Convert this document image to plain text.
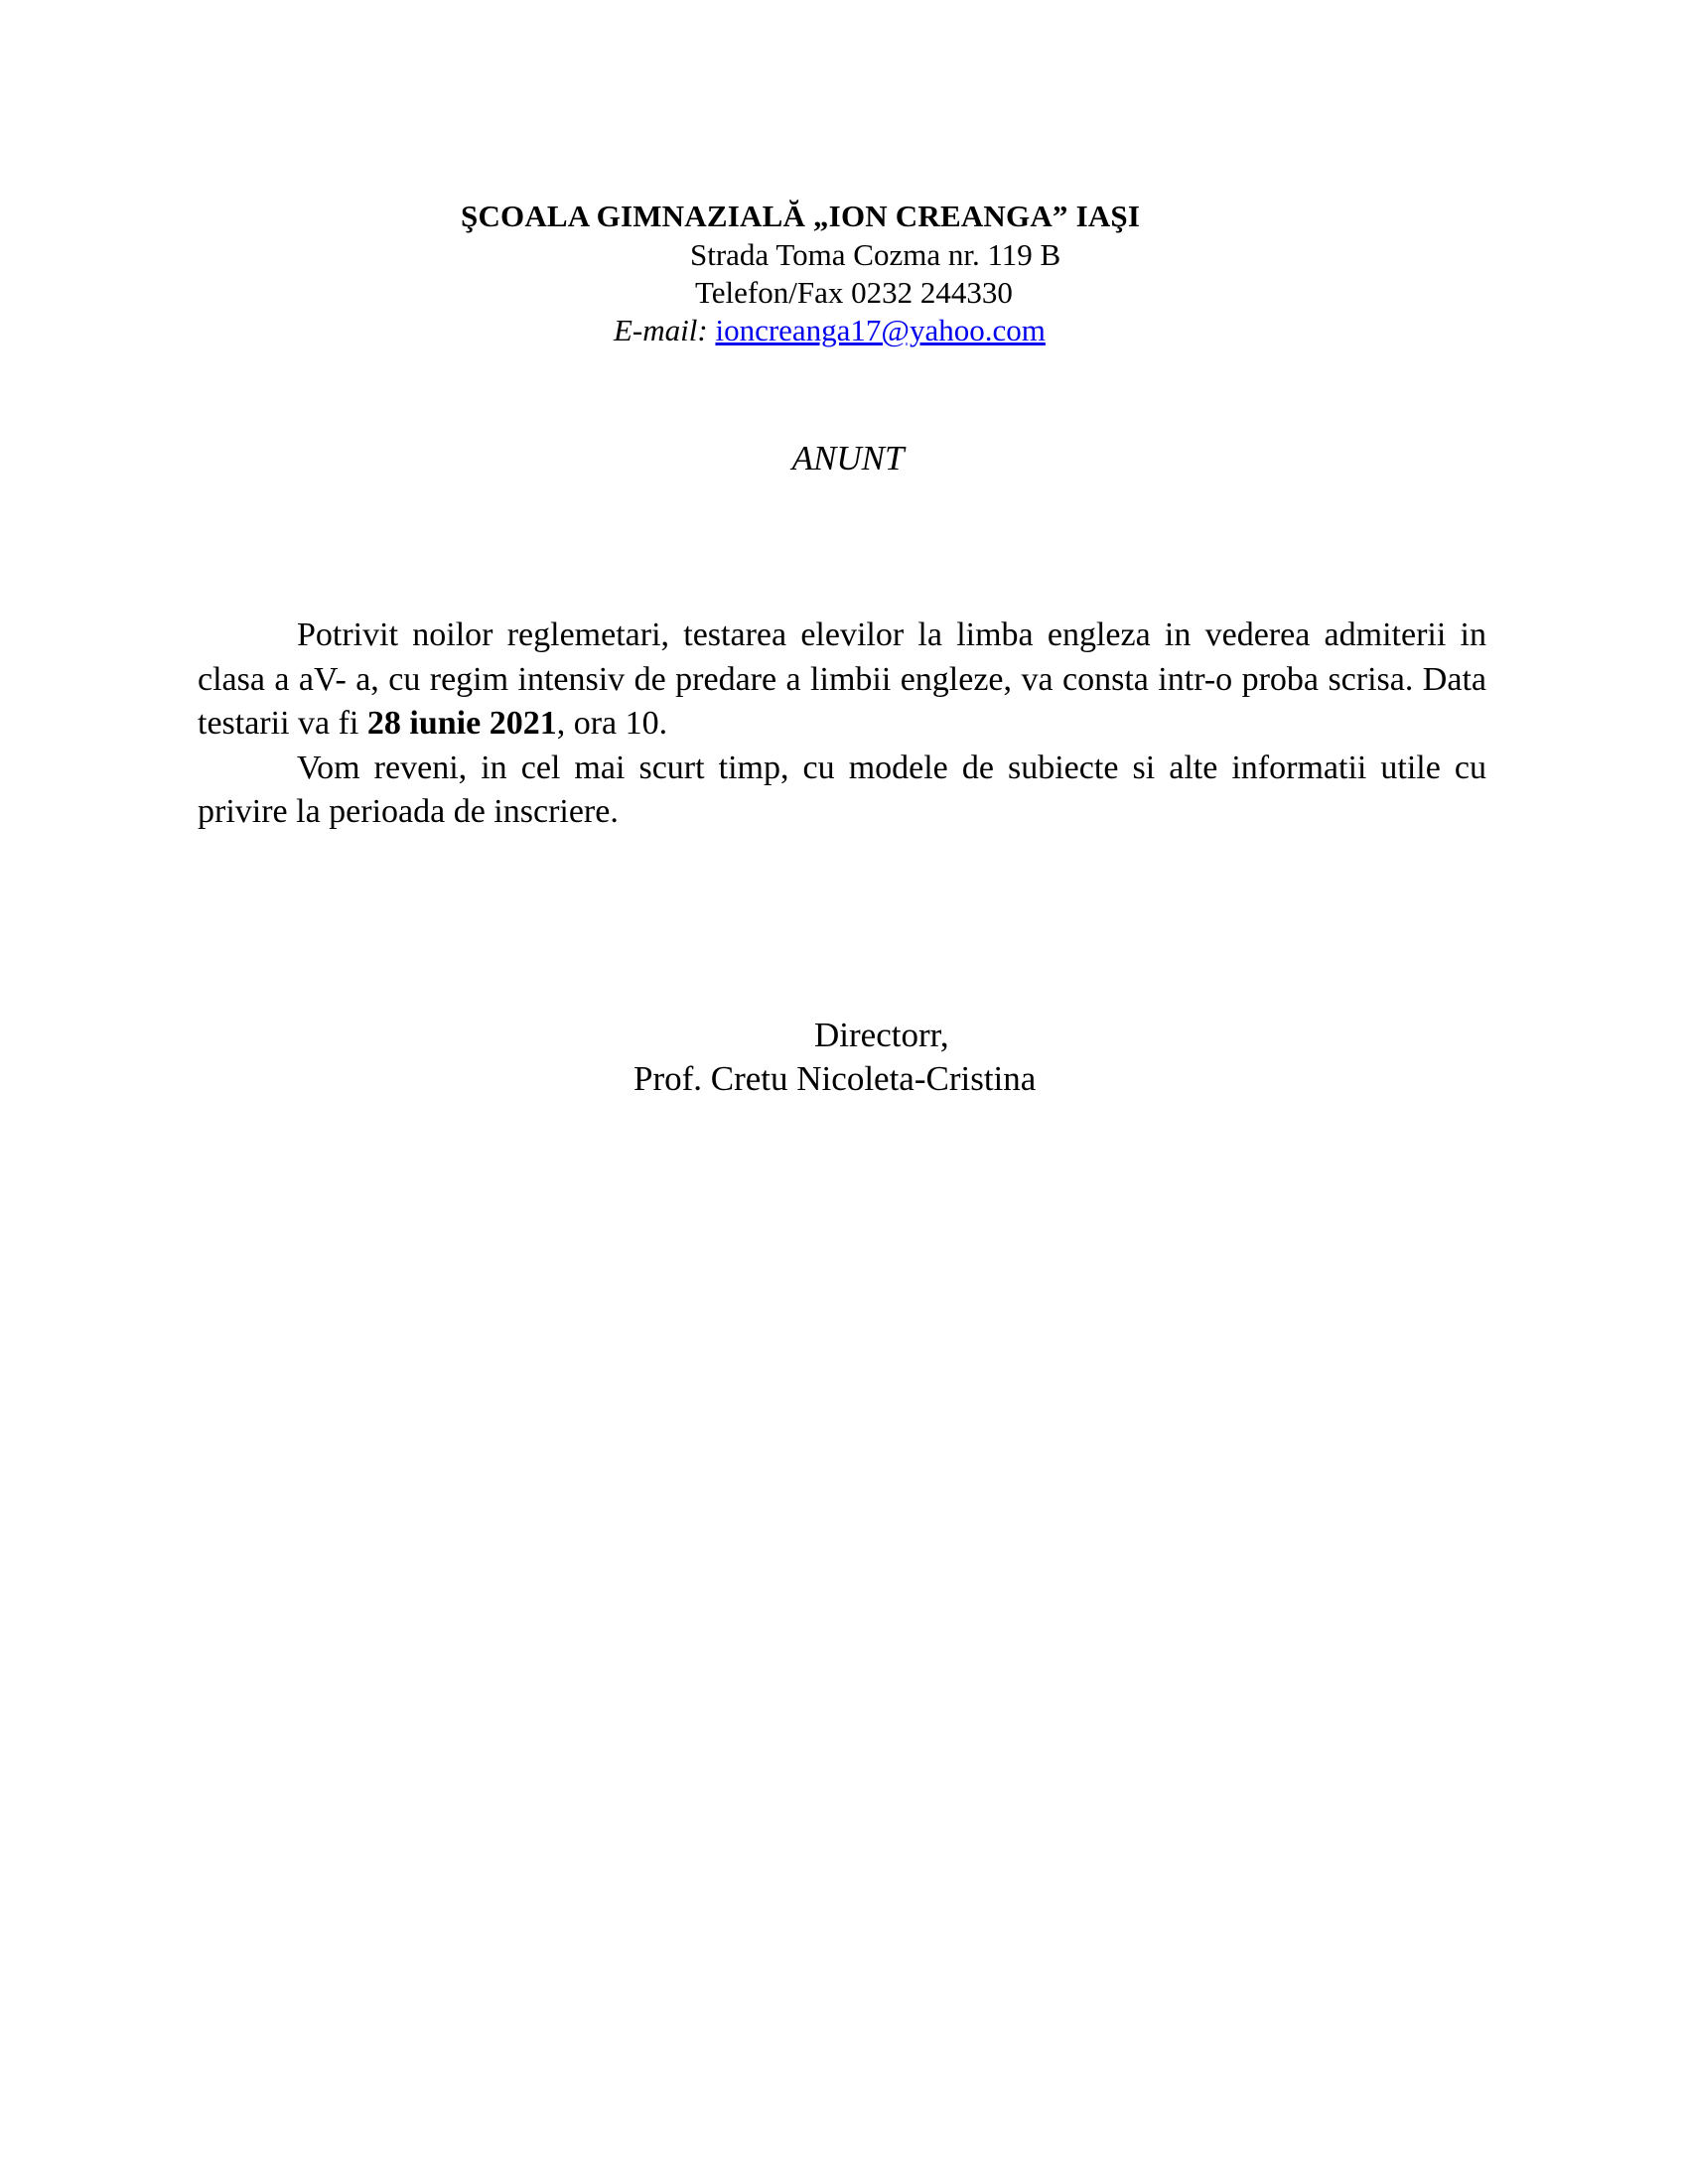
ŞCOALA GIMNAZIALĂ „ION CREANGA” IAŞI
Strada Toma Cozma nr. 119 B
Telefon/Fax 0232 244330
E-mail: ioncreanga17@yahoo.com
ANUNT

Potrivit noilor reglemetari, testarea elevilor la limba engleza in vederea admiterii in clasa a aV- a, cu regim intensiv de predare a limbii engleze, va consta intr-o proba scrisa. Data testarii va fi 28 iunie 2021, ora 10.

Vom reveni, in cel mai scurt timp, cu modele de subiecte si alte informatii utile cu privire la perioada de inscriere.

Directorr,
Prof. Cretu Nicoleta-Cristina
